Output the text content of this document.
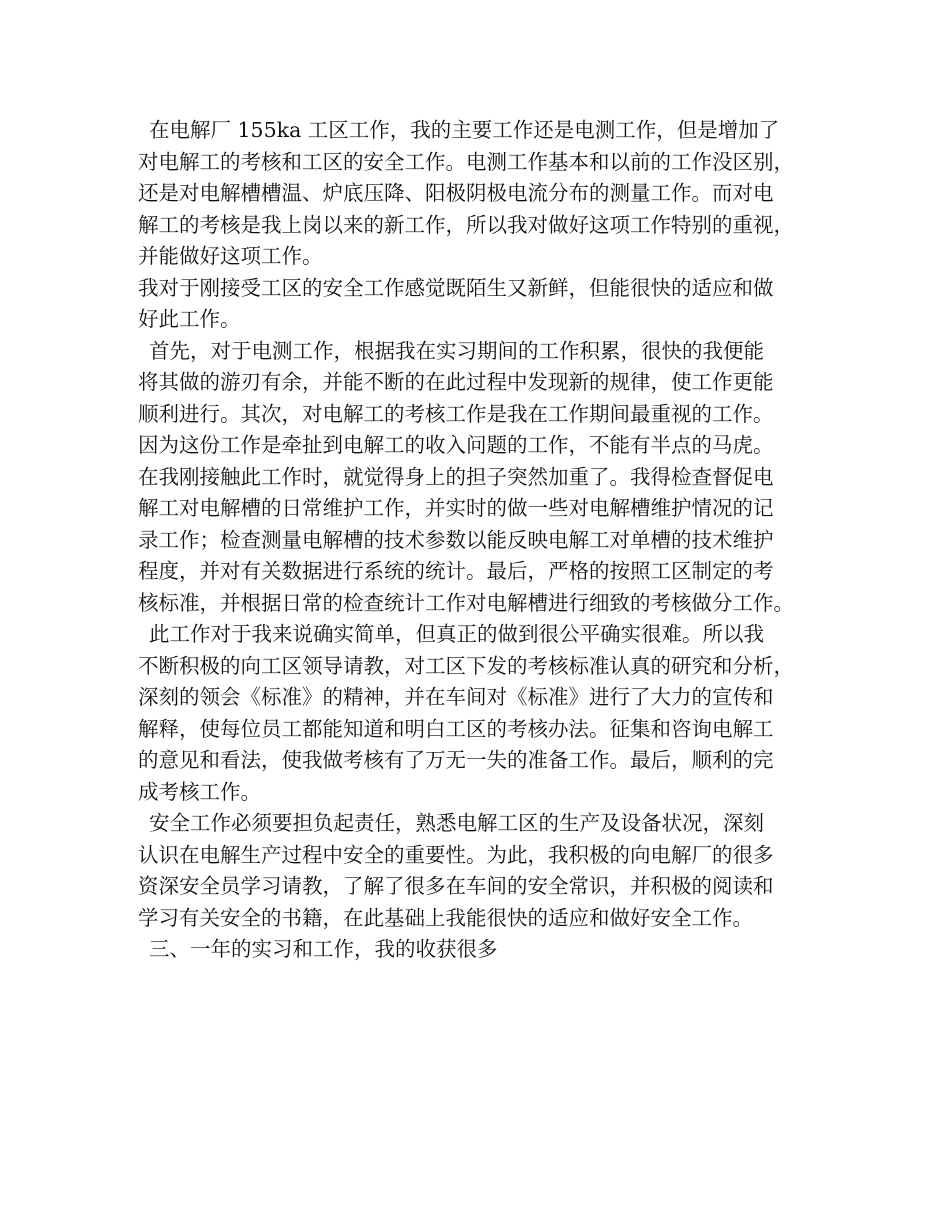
在电解厂 155ka 工区工作，我的主要工作还是电测工作，但是增加了
对电解工的考核和工区的安全工作。电测工作基本和以前的工作没区别，
还是对电解槽槽温、炉底压降、阳极阴极电流分布的测量工作。而对电
解工的考核是我上岗以来的新工作，所以我对做好这项工作特别的重视，
并能做好这项工作。
我对于刚接受工区的安全工作感觉既陌生又新鲜，但能很快的适应和做
好此工作。
首先，对于电测工作，根据我在实习期间的工作积累，很快的我便能
将其做的游刃有余，并能不断的在此过程中发现新的规律，使工作更能
顺利进行。其次，对电解工的考核工作是我在工作期间最重视的工作。
因为这份工作是牵扯到电解工的收入问题的工作，不能有半点的马虎。
在我刚接触此工作时，就觉得身上的担子突然加重了。我得检查督促电
解工对电解槽的日常维护工作，并实时的做一些对电解槽维护情况的记
录工作；检查测量电解槽的技术参数以能反映电解工对单槽的技术维护
程度，并对有关数据进行系统的统计。最后，严格的按照工区制定的考
核标准，并根据日常的检查统计工作对电解槽进行细致的考核做分工作。
此工作对于我来说确实简单，但真正的做到很公平确实很难。所以我
不断积极的向工区领导请教，对工区下发的考核标准认真的研究和分析，
深刻的领会《标准》的精神，并在车间对《标准》进行了大力的宣传和
解释，使每位员工都能知道和明白工区的考核办法。征集和咨询电解工
的意见和看法，使我做考核有了万无一失的准备工作。最后，顺利的完
成考核工作。
安全工作必须要担负起责任，熟悉电解工区的生产及设备状况，深刻
认识在电解生产过程中安全的重要性。为此，我积极的向电解厂的很多
资深安全员学习请教，了解了很多在车间的安全常识，并积极的阅读和
学习有关安全的书籍，在此基础上我能很快的适应和做好安全工作。
三、一年的实习和工作，我的收获很多
